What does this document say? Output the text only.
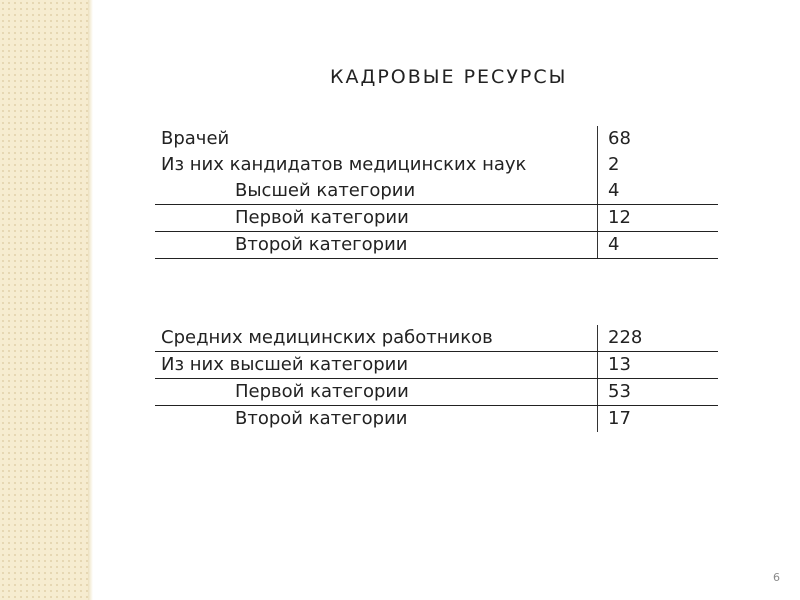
КАДРОВЫЕ РЕСУРСЫ
Врачей	68
Из них кандидатов медицинских наук	2
Высшей категории	4
Первой категории	12
Второй категории	4
Средних медицинских работников	228
Из них высшей категории	13
Первой категории	53
Второй категории	17
6
